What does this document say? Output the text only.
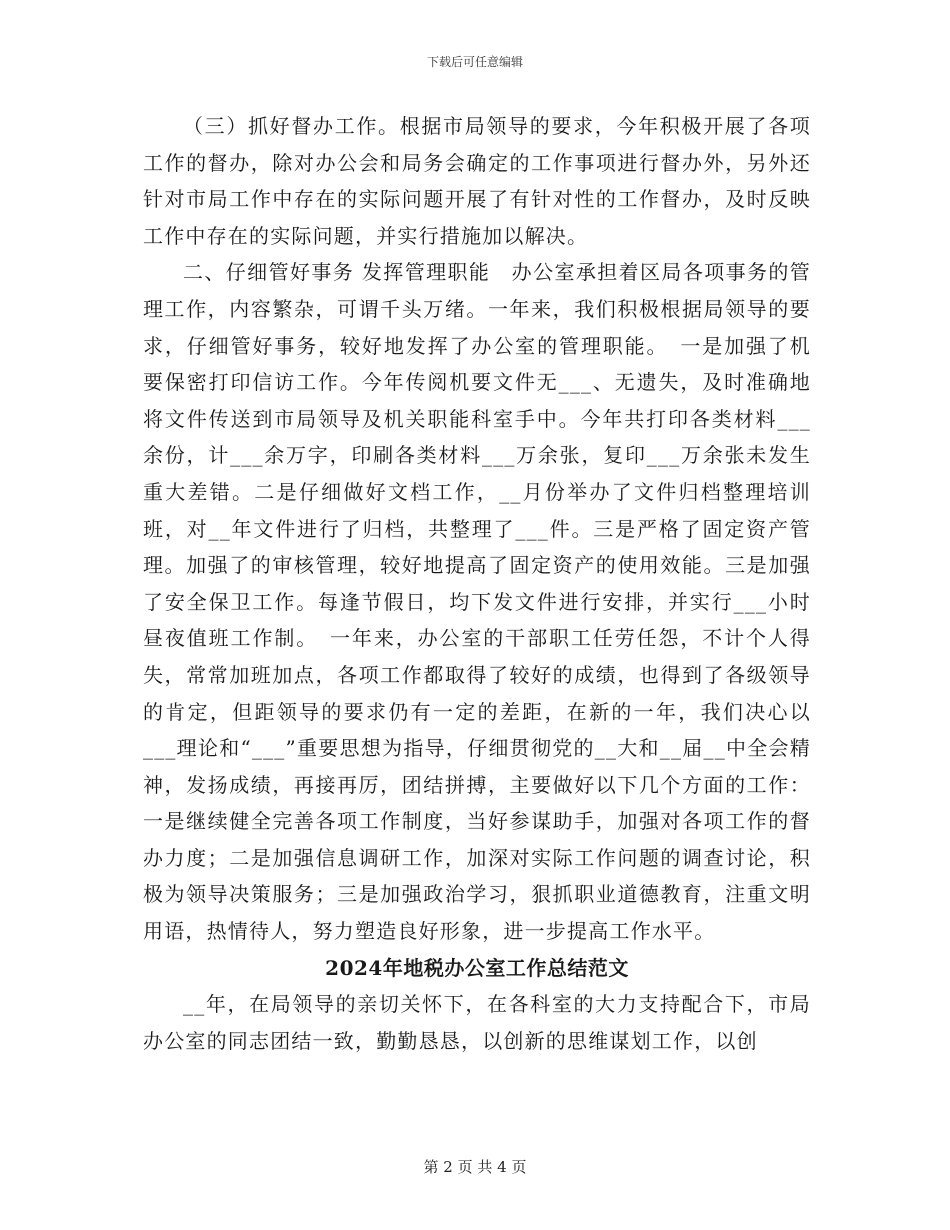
下载后可任意编辑

（三）抓好督办工作。根据市局领导的要求，今年积极开展了各项工作的督办，除对办公会和局务会确定的工作事项进行督办外，另外还针对市局工作中存在的实际问题开展了有针对性的工作督办，及时反映工作中存在的实际问题，并实行措施加以解决。

二、仔细管好事务 发挥管理职能　办公室承担着区局各项事务的管理工作，内容繁杂，可谓千头万绪。一年来，我们积极根据局领导的要求，仔细管好事务，较好地发挥了办公室的管理职能。　一是加强了机要保密打印信访工作。今年传阅机要文件无___、无遗失，及时准确地将文件传送到市局领导及机关职能科室手中。今年共打印各类材料___余份，计___余万字，印刷各类材料___万余张，复印___万余张未发生重大差错。二是仔细做好文档工作，__月份举办了文件归档整理培训班，对__年文件进行了归档，共整理了___件。三是严格了固定资产管理。加强了的审核管理，较好地提高了固定资产的使用效能。三是加强了安全保卫工作。每逢节假日，均下发文件进行安排，并实行___小时昼夜值班工作制。　一年来，办公室的干部职工任劳任怨，不计个人得失，常常加班加点，各项工作都取得了较好的成绩，也得到了各级领导的肯定，但距领导的要求仍有一定的差距，在新的一年，我们决心以___理论和“___”重要思想为指导，仔细贯彻党的__大和__届__中全会精神，发扬成绩，再接再厉，团结拼搏，主要做好以下几个方面的工作：一是继续健全完善各项工作制度，当好参谋助手，加强对各项工作的督办力度；二是加强信息调研工作，加深对实际工作问题的调查讨论，积极为领导决策服务；三是加强政治学习，狠抓职业道德教育，注重文明用语，热情待人，努力塑造良好形象，进一步提高工作水平。

2024年地税办公室工作总结范文

__年，在局领导的亲切关怀下，在各科室的大力支持配合下，市局办公室的同志团结一致，勤勤恳恳，以创新的思维谋划工作，以创

第 2 页 共 4 页
